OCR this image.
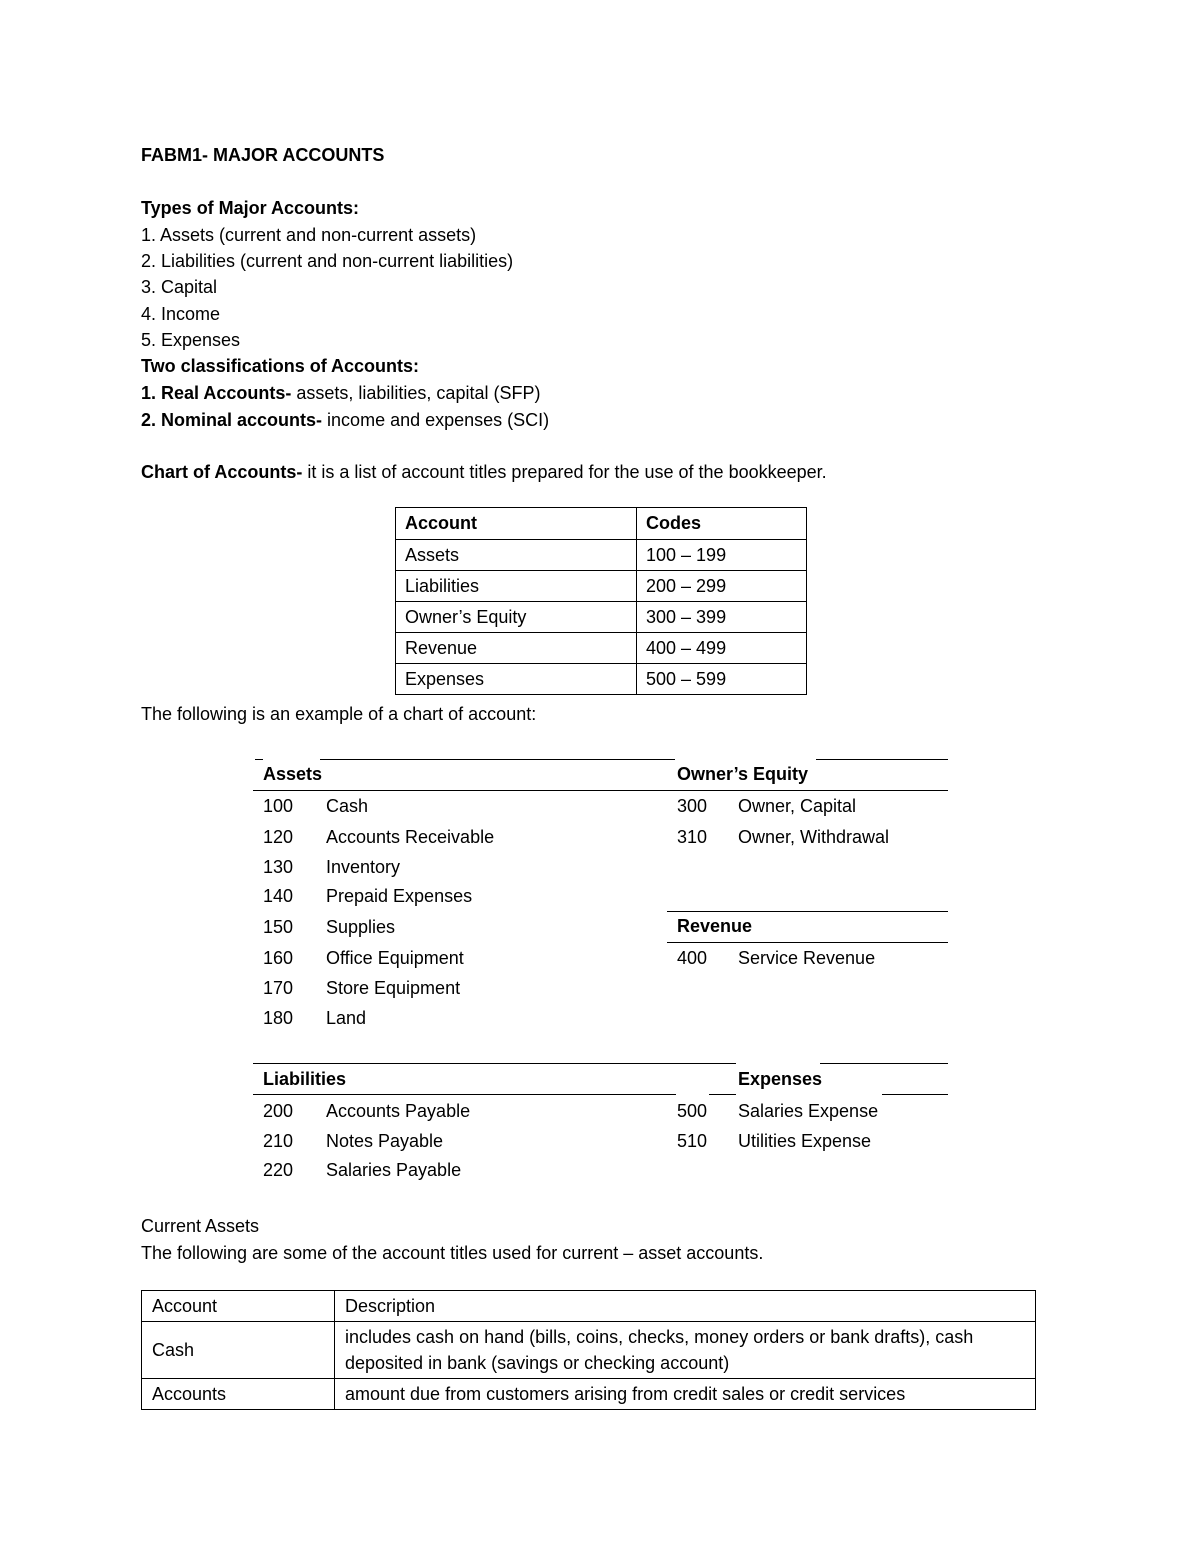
FABM1- MAJOR ACCOUNTS
Types of Major Accounts:
1. Assets (current and non-current assets)
2. Liabilities (current and non-current liabilities)
3. Capital
4. Income
5. Expenses
Two classifications of Accounts:
1. Real Accounts- assets, liabilities, capital (SFP)
2. Nominal accounts- income and expenses (SCI)
Chart of Accounts- it is a list of account titles prepared for the use of the bookkeeper.
Account	Codes
Assets	100 – 199
Liabilities	200 – 299
Owner’s Equity	300 – 399
Revenue	400 – 499
Expenses	500 – 599
The following is an example of a chart of account:
Assets
100 Cash
120 Accounts Receivable
130 Inventory
140 Prepaid Expenses
150 Supplies
160 Office Equipment
170 Store Equipment
180 Land
Owner’s Equity
300 Owner, Capital
310 Owner, Withdrawal
Revenue
400 Service Revenue
Liabilities
200 Accounts Payable
210 Notes Payable
220 Salaries Payable
Expenses
500 Salaries Expense
510 Utilities Expense
Current Assets
The following are some of the account titles used for current – asset accounts.
Account	Description
Cash	includes cash on hand (bills, coins, checks, money orders or bank drafts), cash deposited in bank (savings or checking account)
Accounts	amount due from customers arising from credit sales or credit services
